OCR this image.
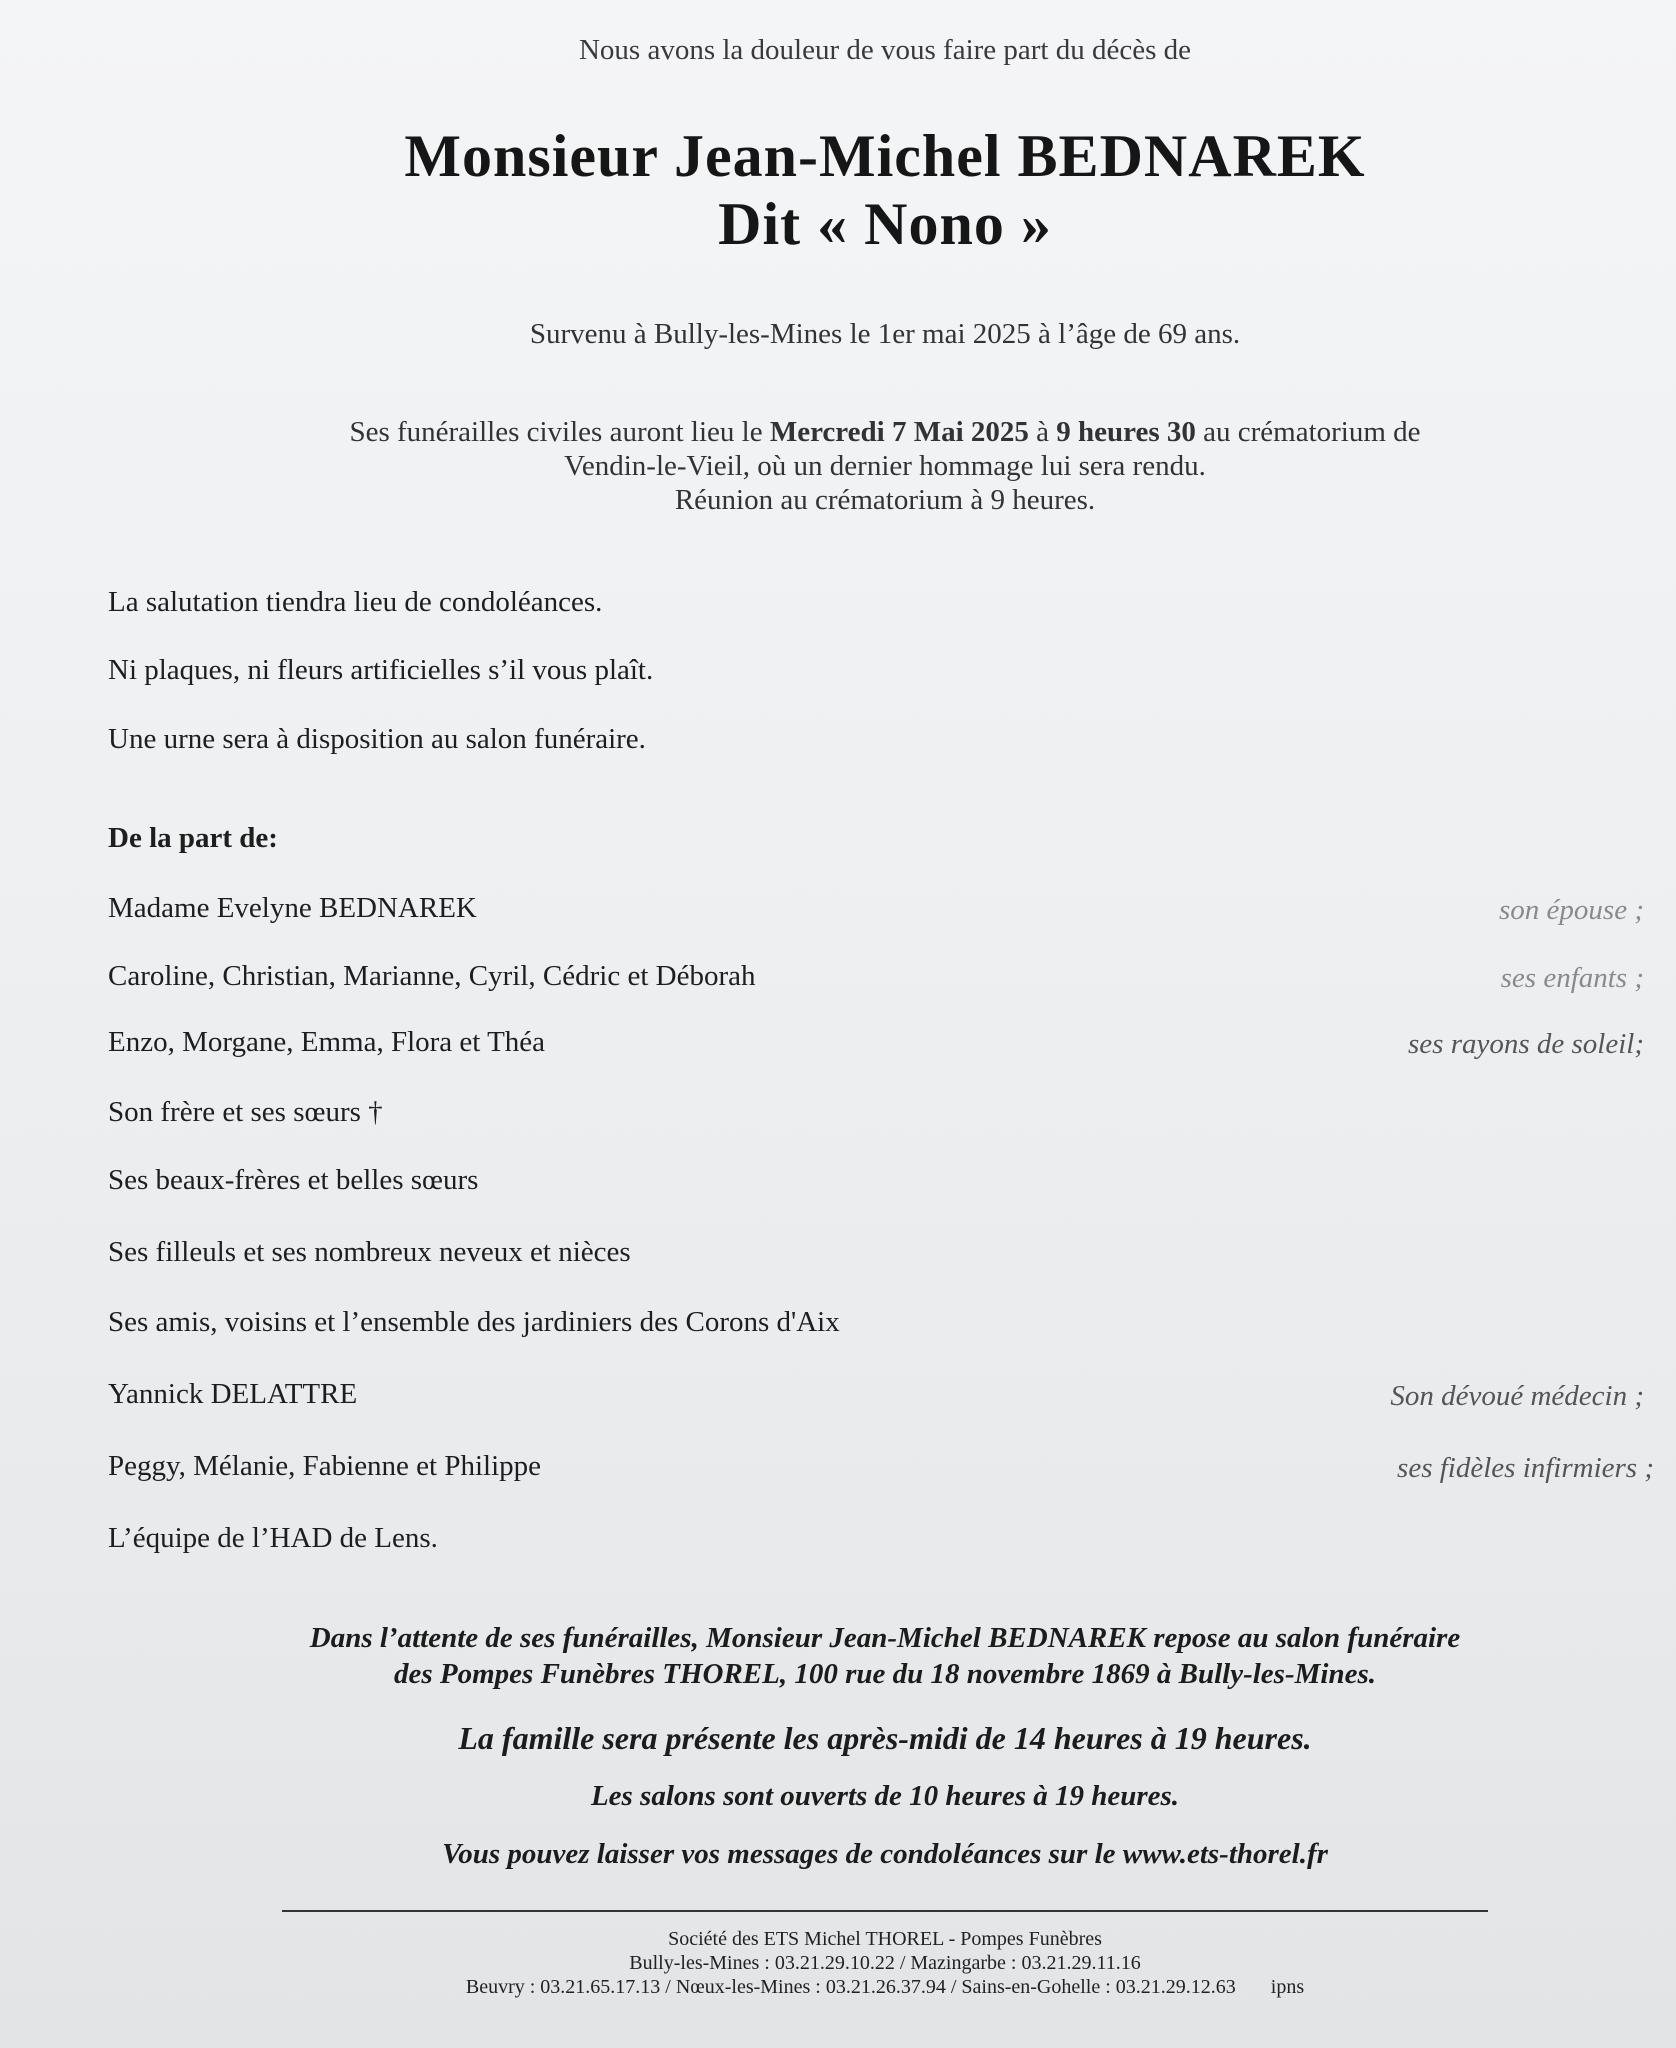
Nous avons la douleur de vous faire part du décès de
Monsieur Jean-Michel BEDNAREK
Dit « Nono »
Survenu à Bully-les-Mines le 1er mai 2025 à l’âge de 69 ans.
Ses funérailles civiles auront lieu le Mercredi 7 Mai 2025 à 9 heures 30 au crématorium de
Vendin-le-Vieil, où un dernier hommage lui sera rendu.
Réunion au crématorium à 9 heures.
La salutation tiendra lieu de condoléances.
Ni plaques, ni fleurs artificielles s’il vous plaît.
Une urne sera à disposition au salon funéraire.
De la part de:
Madame Evelyne BEDNAREK	son épouse ;
Caroline, Christian, Marianne, Cyril, Cédric et Déborah	ses enfants ;
Enzo, Morgane, Emma, Flora et Théa	ses rayons de soleil;
Son frère et ses sœurs †
Ses beaux-frères et belles sœurs
Ses filleuls et ses nombreux neveux et nièces
Ses amis, voisins et l’ensemble des jardiniers des Corons d'Aix
Yannick DELATTRE	Son dévoué médecin ;
Peggy, Mélanie, Fabienne et Philippe	ses fidèles infirmiers ;
L’équipe de l’HAD de Lens.
Dans l’attente de ses funérailles, Monsieur Jean-Michel BEDNAREK repose au salon funéraire
des Pompes Funèbres THOREL, 100 rue du 18 novembre 1869 à Bully-les-Mines.
La famille sera présente les après-midi de 14 heures à 19 heures.
Les salons sont ouverts de 10 heures à 19 heures.
Vous pouvez laisser vos messages de condoléances sur le www.ets-thorel.fr
Société des ETS Michel THOREL - Pompes Funèbres
Bully-les-Mines : 03.21.29.10.22 / Mazingarbe : 03.21.29.11.16
Beuvry : 03.21.65.17.13 / Nœux-les-Mines : 03.21.26.37.94 / Sains-en-Gohelle : 03.21.29.12.63 ipns
